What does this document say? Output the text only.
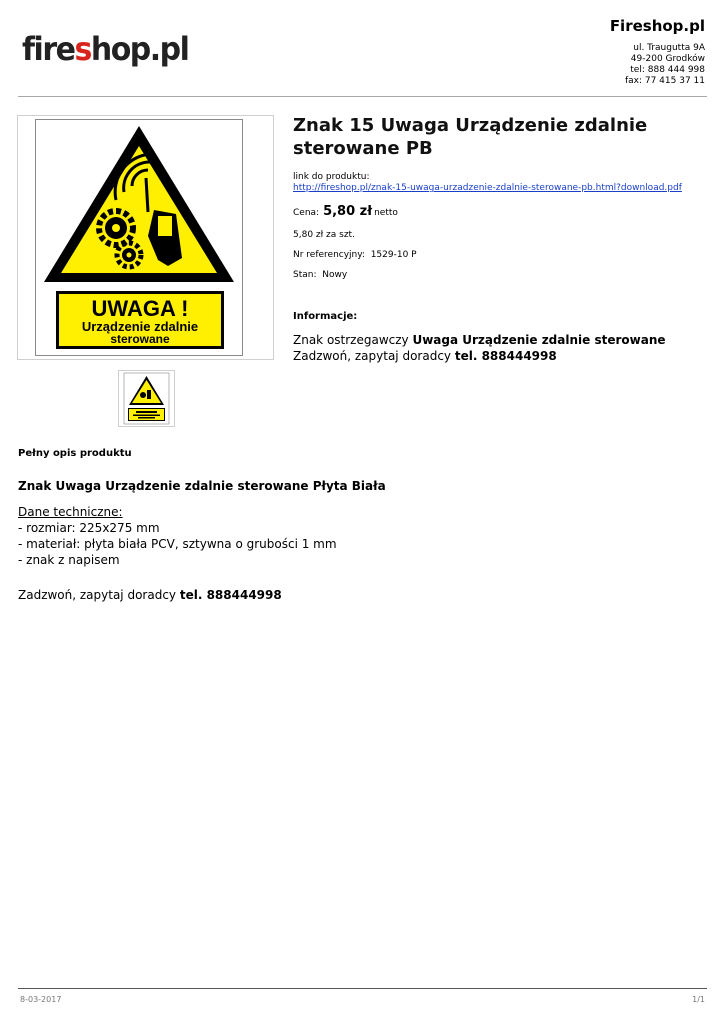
fireshop.pl
Fireshop.pl
ul. Traugutta 9A
49-200 Grodków
tel: 888 444 998
fax: 77 415 37 11
UWAGA !
Urządzenie zdalnie
sterowane
Znak 15 Uwaga Urządzenie zdalnie sterowane PB
link do produktu:
http://fireshop.pl/znak-15-uwaga-urzadzenie-zdalnie-sterowane-pb.html?download.pdf
Cena: 5,80 zł netto
5,80 zł za szt.
Nr referencyjny: 1529-10 P
Stan: Nowy
Informacje:
Znak ostrzegawczy Uwaga Urządzenie zdalnie sterowane
Zadzwoń, zapytaj doradcy tel. 888444998
Pełny opis produktu
Znak Uwaga Urządzenie zdalnie sterowane Płyta Biała
Dane techniczne:
- rozmiar: 225x275 mm
- materiał: płyta biała PCV, sztywna o grubości 1 mm
- znak z napisem
Zadzwoń, zapytaj doradcy tel. 888444998
8-03-2017	1/1
